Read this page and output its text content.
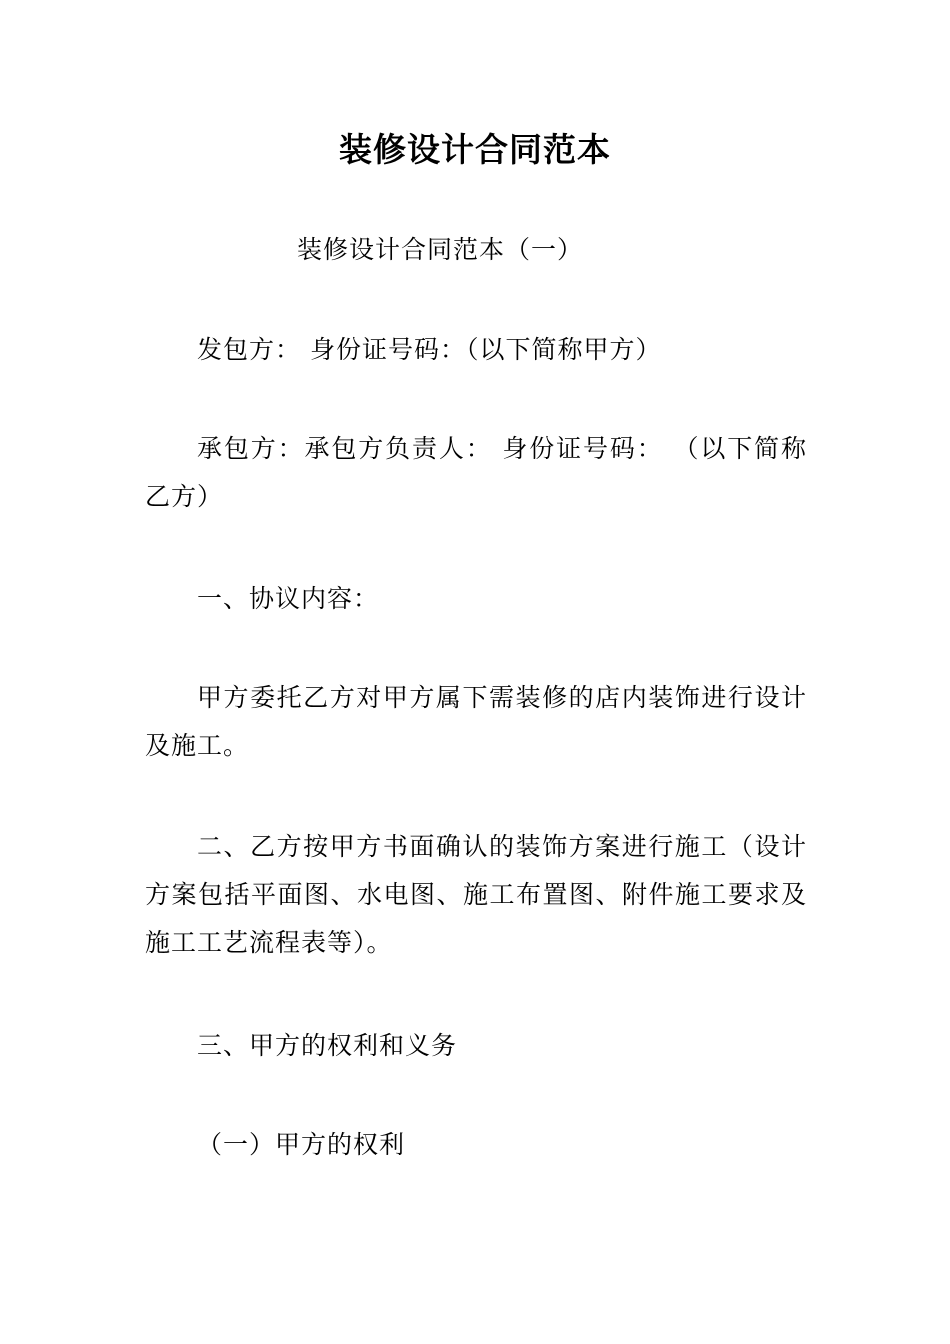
装修设计合同范本

装修设计合同范本（一）

发包方： 身份证号码：（以下简称甲方）

承包方：承包方负责人： 身份证号码： （以下简称乙方）

一、协议内容：

甲方委托乙方对甲方属下需装修的店内装饰进行设计及施工。

二、乙方按甲方书面确认的装饰方案进行施工（设计方案包括平面图、水电图、施工布置图、附件施工要求及施工工艺流程表等）。

三、甲方的权利和义务

（一）甲方的权利
